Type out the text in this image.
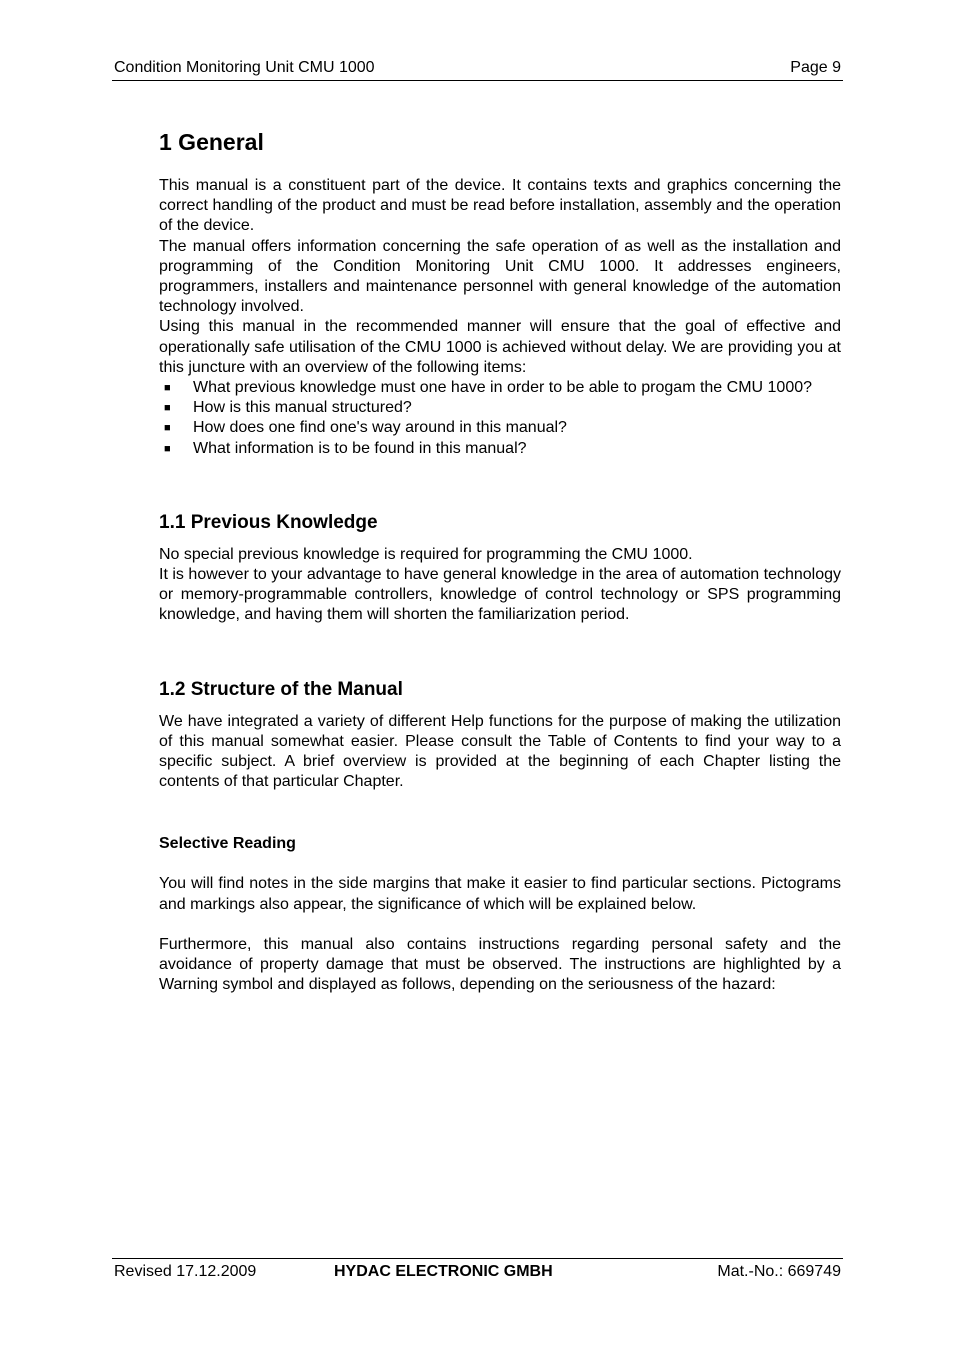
Condition Monitoring Unit CMU 1000	Page 9
1 General

This manual is a constituent part of the device. It contains texts and graphics concerning the correct handling of the product and must be read before installation, assembly and the operation of the device.

The manual offers information concerning the safe operation of as well as the installation and programming of the Condition Monitoring Unit CMU 1000. It addresses engineers, programmers, installers and maintenance personnel with general knowledge of the automation technology involved.

Using this manual in the recommended manner will ensure that the goal of effective and operationally safe utilisation of the CMU 1000 is achieved without delay. We are providing you at this juncture with an overview of the following items:

■ What previous knowledge must one have in order to be able to progam the CMU 1000?
■ How is this manual structured?
■ How does one find one's way around in this manual?
■ What information is to be found in this manual?
1.1 Previous Knowledge

No special previous knowledge is required for programming the CMU 1000.

It is however to your advantage to have general knowledge in the area of automation technology or memory-programmable controllers, knowledge of control technology or SPS programming knowledge, and having them will shorten the familiarization period.

1.2 Structure of the Manual

We have integrated a variety of different Help functions for the purpose of making the utilization of this manual somewhat easier. Please consult the Table of Contents to find your way to a specific subject. A brief overview is provided at the beginning of each Chapter listing the contents of that particular Chapter.

Selective Reading

You will find notes in the side margins that make it easier to find particular sections. Pictograms and markings also appear, the significance of which will be explained below.

Furthermore, this manual also contains instructions regarding personal safety and the avoidance of property damage that must be observed. The instructions are highlighted by a Warning symbol and displayed as follows, depending on the seriousness of the hazard:

Revised 17.12.2009	HYDAC ELECTRONIC GMBH	Mat.-No.: 669749
